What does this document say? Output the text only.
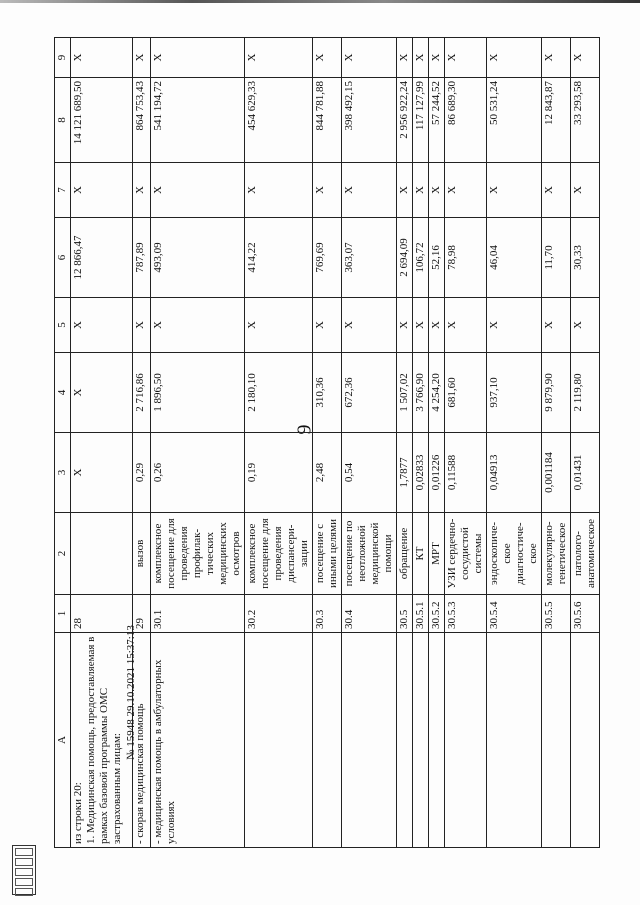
9
A	1	2	3	4	5	6	7	8	9
из строки 20:
1. Медицинская помощь, предоставляемая в рамках базовой программы ОМС застрахованным лицам:	28		X	X	X	12 866,47	X	14 121 689,50	X
- скорая медицинская помощь	29	вызов	0,29	2 716,86	X	787,89	X	864 753,43	X
- медицинская помощь в амбулаторных условиях	30.1	комплексное посещение для проведения профилак-тических медицинских осмотров	0,26	1 896,50	X	493,09	X	541 194,72	X
	30.2	комплексное посещение для проведения диспансери-зации	0,19	2 180,10	X	414,22	X	454 629,33	X
	30.3	посещение с иными целями	2,48	310,36	X	769,69	X	844 781,88	X
	30.4	посещение по неотложной медицинской помощи	0,54	672,36	X	363,07	X	398 492,15	X
	30.5	обращение	1,7877	1 507,02	X	2 694,09	X	2 956 922,24	X
	30.5.1	КТ	0,02833	3 766,90	X	106,72	X	117 127,99	X
	30.5.2	МРТ	0,01226	4 254,20	X	52,16	X	57 244,52	X
	30.5.3	УЗИ сердечно-сосудистой системы	0,11588	681,60	X	78,98	X	86 689,30	X
	30.5.4	эндоскопиче-ское диагностиче-ское	0,04913	937,10	X	46,04	X	50 531,24	X
	30.5.5	молекулярно-генетическое	0,001184	9 879,90	X	11,70	X	12 843,87	X
	30.5.6	патолого-анатомическое	0,01431	2 119,80	X	30,33	X	33 293,58	X
№ 15948 29.10.2021 15:37:13
